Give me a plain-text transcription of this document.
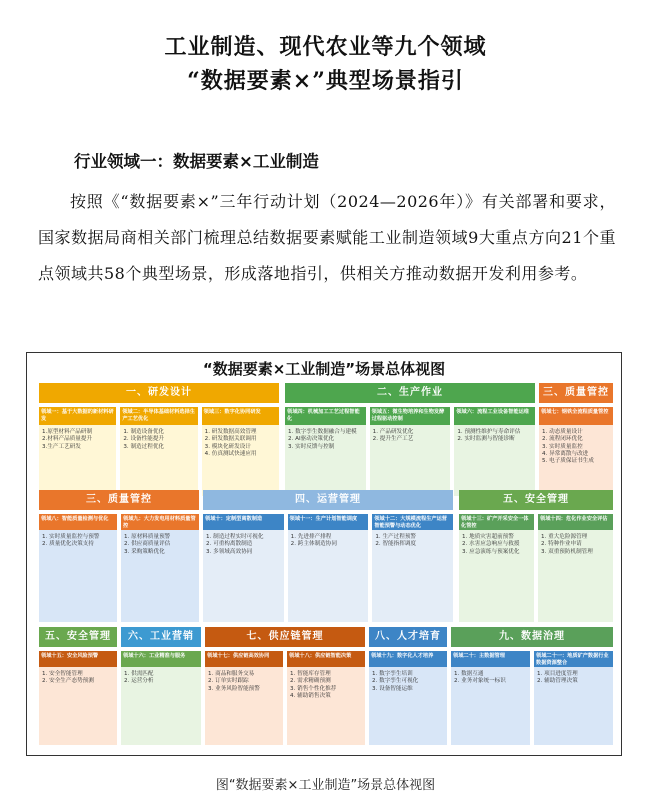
工业制造、现代农业等九个领域
“数据要素×”典型场景指引
行业领域一：数据要素×工业制造
按照《“数据要素×”三年行动计划（2024—2026年）》有关部署和要求，国家数据局商相关部门梳理总结数据要素赋能工业制造领域9大重点方向21个重点领域共58个典型场景，形成落地指引，供相关方推动数据开发利用参考。
“数据要素×工业制造”场景总体视图
一、研发设计
领域一：基于大数据的新材料研发
1.原型材料产品研制
2.材料产品质量提升
3.生产工艺研发
领域二：半导体基础材料选择生产工艺优化
1. 制造设备优化
2. 设备性能提升
3. 制造过程优化
领域三：数字化协同研发
1. 研发数据高效管理
2. 研发数据关联调用
3. 模块化研发设计
4. 仿真测试快速应用
二、生产作业
领域四：机械加工工艺过程智能化
1. 数字孪生数据融合与建模
2. AI驱动决策优化
3. 实时反馈与控制
领域五：微生物培养和生物发酵过程驱动控制
1. 产品研发优化
2. 提升生产工艺
领域六：流程工业设备智能运维
1. 预测性维护与寿命评估
2. 实时监测与智能诊断
三、质量管控
领域七：钢铁全流程质量管控
1. 动态质量设计
2. 流程闭环优化
3. 实时质量监控
4. 异常离散与改进
5. 电子质保证书生成
三、质量管控
领域八：智能质量检测与优化
1. 实时质量监控与预警
2. 质量优化决策支持
领域九：大力发电用材料质量管控
1. 原材料质量预警
2. 供应商质量评估
3. 采购策略优化
四、运营管理
领域十：定制型离散制造
1. 制造过程实时可视化
2. 可重构离散制造
3. 多领域高效协同
领域十一：生产计划智能调度
1. 先进排产排程
2. 跨主体制造协同
领域十二：大规模流程生产运营智能预警与动态优化
1. 生产过程预警
2. 智能指挥调度
五、安全管理
领域十三：矿产开采安全一体化管控
1. 地质灾害超前预警
2. 水害应急响应与救援
3. 应急演练与预案优化
领域十四：危化作业安全评估
1. 重大危险源管理
2. 特种作业申请
3. 双重预防机制管理
五、安全管理
领域十五：安全风险预警
1. 安全智能管理
2. 安全生产态势预测
六、工业营销
领域十六：工业精准与服务
1. 供需匹配
2. 运营分析
七、供应链管理
领域十七：供应链高效协同
1. 商品和服务交易
2. 订单实时跟踪
3. 业务风险智能预警
领域十八：供应链智能决策
1. 智能库存管理
2. 需求精确预测
3. 销售个性化推荐
4. 辅助销售决策
八、人才培育
领域十九：数字化人才培养
1. 数字孪生培训
2. 数字孪生可视化
3. 设备智能运维
九、数据治理
领域二十：主数据管理
1. 数据互通
2. 业务对象统一标识
领域二十一：地质矿产数据行业数据资源整合
1. 项目进度管理
2. 辅助管理决策
图“数据要素×工业制造”场景总体视图
